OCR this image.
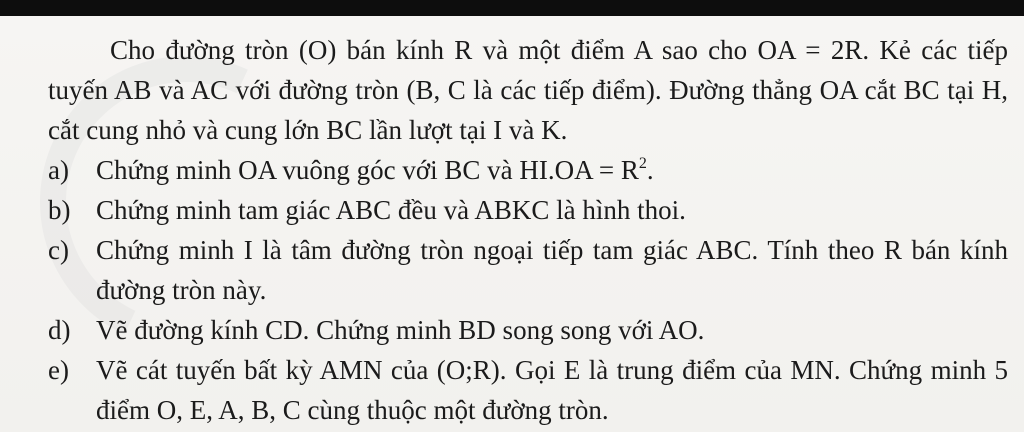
Cho đường tròn (O) bán kính R và một điểm A sao cho OA = 2R. Kẻ các tiếp tuyến AB và AC với đường tròn (B, C là các tiếp điểm). Đường thẳng OA cắt BC tại H, cắt cung nhỏ và cung lớn BC lần lượt tại I và K.

a) Chứng minh OA vuông góc với BC và $HI.OA = R^2$.
b) Chứng minh tam giác ABC đều và ABKC là hình thoi.
c) Chứng minh I là tâm đường tròn ngoại tiếp tam giác ABC. Tính theo R bán kính đường tròn này.
d) Vẽ đường kính CD. Chứng minh BD song song với AO.
e) Vẽ cát tuyến bất kỳ AMN của (O;R). Gọi E là trung điểm của MN. Chứng minh 5 điểm O, E, A, B, C cùng thuộc một đường tròn.
